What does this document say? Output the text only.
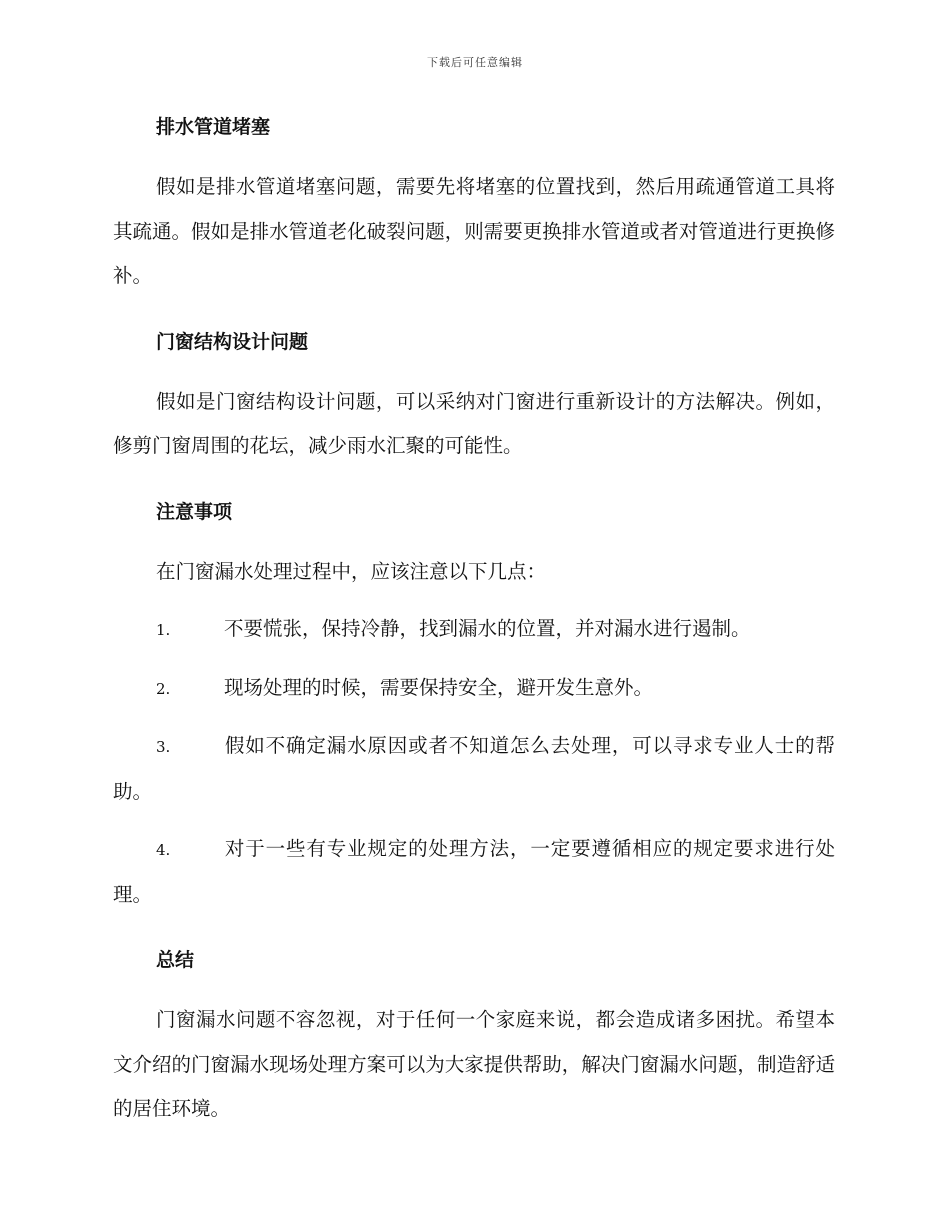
下载后可任意编辑
排水管道堵塞

假如是排水管道堵塞问题，需要先将堵塞的位置找到，然后用疏通管道工具将其疏通。假如是排水管道老化破裂问题，则需要更换排水管道或者对管道进行更换修补。

门窗结构设计问题

假如是门窗结构设计问题，可以采纳对门窗进行重新设计的方法解决。例如，修剪门窗周围的花坛，减少雨水汇聚的可能性。

注意事项

在门窗漏水处理过程中，应该注意以下几点：

1.	不要慌张，保持冷静，找到漏水的位置，并对漏水进行遏制。

2.	现场处理的时候，需要保持安全，避开发生意外。

3.	假如不确定漏水原因或者不知道怎么去处理，可以寻求专业人士的帮助。

4.	对于一些有专业规定的处理方法，一定要遵循相应的规定要求进行处理。

总结

门窗漏水问题不容忽视，对于任何一个家庭来说，都会造成诸多困扰。希望本文介绍的门窗漏水现场处理方案可以为大家提供帮助，解决门窗漏水问题，制造舒适的居住环境。
